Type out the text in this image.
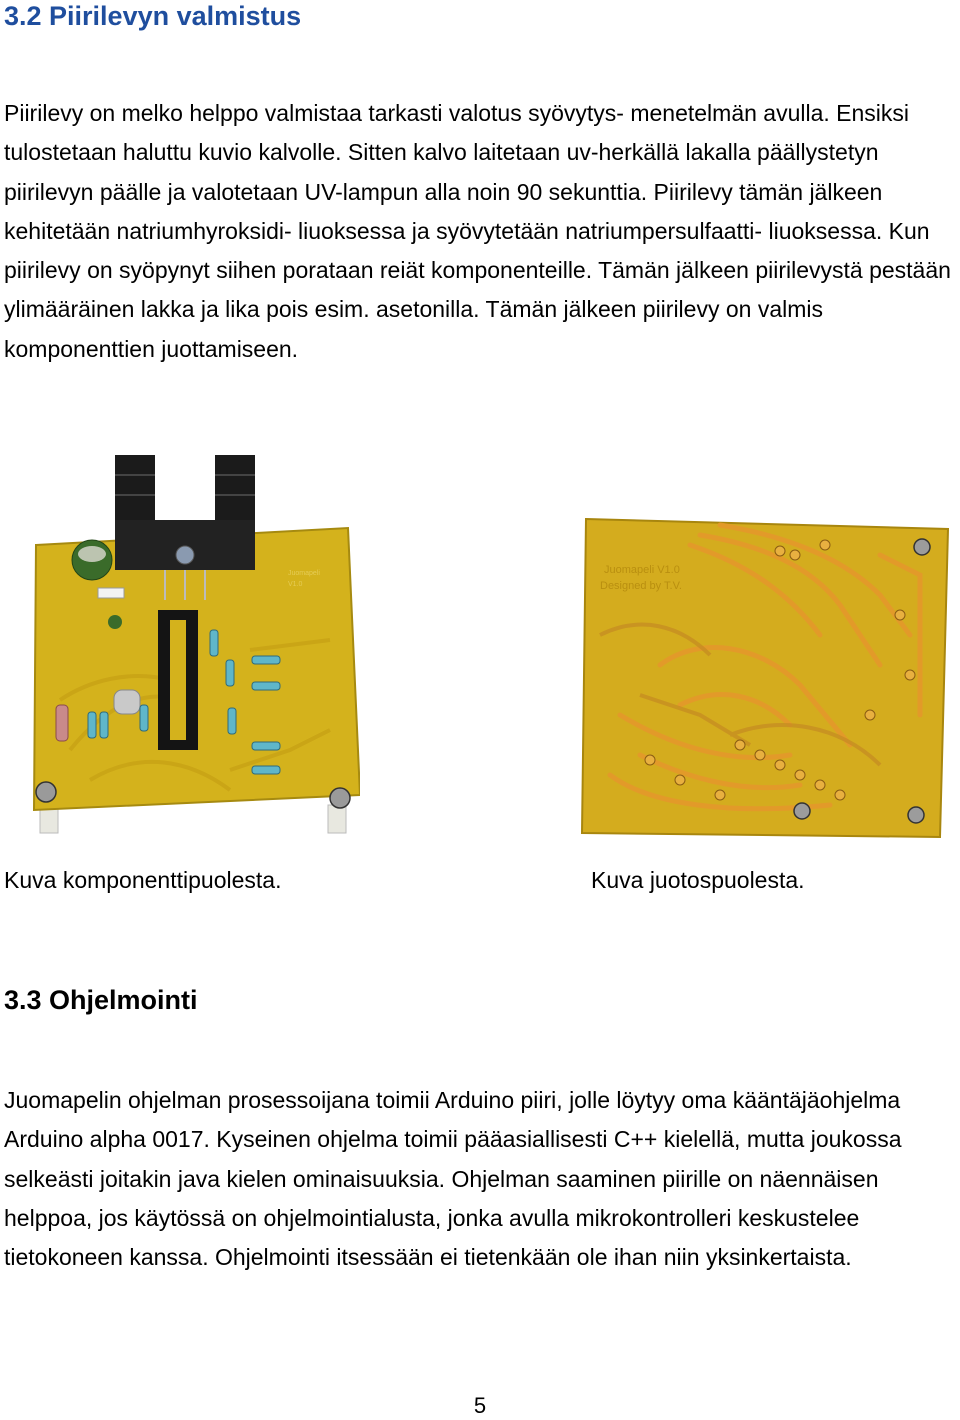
3.2 Piirilevyn valmistus

Piirilevy on melko helppo valmistaa tarkasti valotus syövytys- menetelmän avulla. Ensiksi tulostetaan haluttu kuvio kalvolle. Sitten kalvo laitetaan uv-herkällä lakalla päällystetyn piirilevyn päälle ja valotetaan UV-lampun alla noin 90 sekunttia. Piirilevy tämän jälkeen kehitetään natriumhyroksidi- liuoksessa ja syövytetään natriumpersulfaatti- liuoksessa. Kun piirilevy on syöpynyt siihen porataan reiät komponenteille. Tämän jälkeen piirilevystä pestään ylimääräinen lakka ja lika pois esim. asetonilla. Tämän jälkeen piirilevy on valmis komponenttien juottamiseen.

Juomapeli
V1.0
Juomapeli V1.0
Designed by T.V.

Kuva komponenttipuolesta.	Kuva juotospuolesta.

3.3 Ohjelmointi

Juomapelin ohjelman prosessoijana toimii Arduino piiri, jolle löytyy oma kääntäjäohjelma Arduino alpha 0017. Kyseinen ohjelma toimii pääasiallisesti C++ kielellä, mutta joukossa selkeästi joitakin java kielen ominaisuuksia. Ohjelman saaminen piirille on näennäisen helppoa, jos käytössä on ohjelmointialusta, jonka avulla mikrokontrolleri keskustelee tietokoneen kanssa. Ohjelmointi itsessään ei tietenkään ole ihan niin yksinkertaista.

5
